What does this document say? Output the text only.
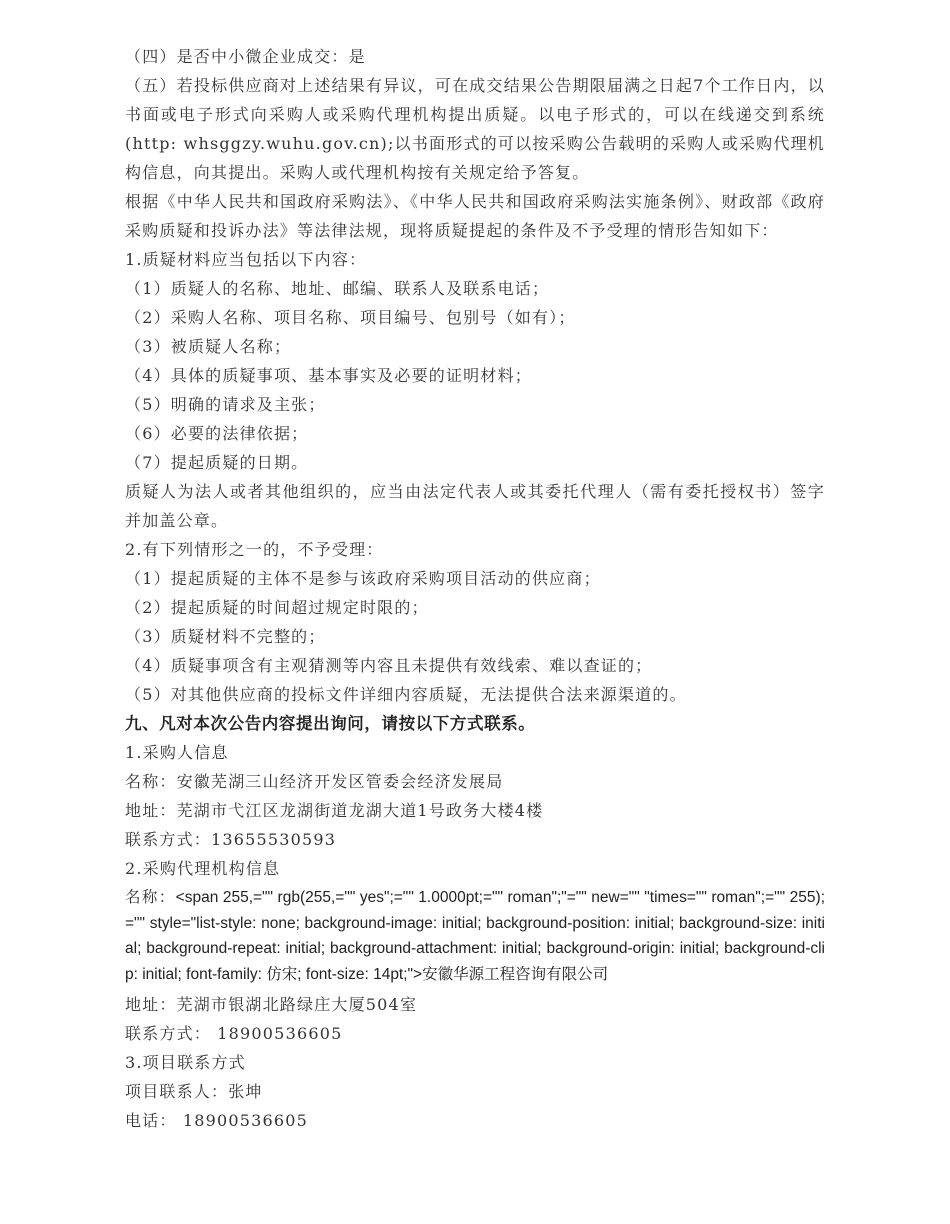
（四）是否中小微企业成交：是

（五）若投标供应商对上述结果有异议，可在成交结果公告期限届满之日起7个工作日内，以书面或电子形式向采购人或采购代理机构提出质疑。以电子形式的，可以在线递交到系统(http: whsggzy.wuhu.gov.cn);以书面形式的可以按采购公告载明的采购人或采购代理机构信息，向其提出。采购人或代理机构按有关规定给予答复。

根据《中华人民共和国政府采购法》、《中华人民共和国政府采购法实施条例》、财政部《政府采购质疑和投诉办法》等法律法规，现将质疑提起的条件及不予受理的情形告知如下：

1.质疑材料应当包括以下内容：

（1）质疑人的名称、地址、邮编、联系人及联系电话；

（2）采购人名称、项目名称、项目编号、包别号（如有）；

（3）被质疑人名称；

（4）具体的质疑事项、基本事实及必要的证明材料；

（5）明确的请求及主张；

（6）必要的法律依据；

（7）提起质疑的日期。

质疑人为法人或者其他组织的，应当由法定代表人或其委托代理人（需有委托授权书）签字并加盖公章。

2.有下列情形之一的，不予受理：

（1）提起质疑的主体不是参与该政府采购项目活动的供应商；

（2）提起质疑的时间超过规定时限的；

（3）质疑材料不完整的；

（4）质疑事项含有主观猜测等内容且未提供有效线索、难以查证的；

（5）对其他供应商的投标文件详细内容质疑，无法提供合法来源渠道的。

九、凡对本次公告内容提出询问，请按以下方式联系。

1.采购人信息

名称：安徽芜湖三山经济开发区管委会经济发展局

地址：芜湖市弋江区龙湖街道龙湖大道1号政务大楼4楼

联系方式：13655530593

2.采购代理机构信息

名称：<span 255,="" rgb(255,="" yes";="" 1.0000pt;="" roman";"="" new="" "times="" roman";="" 255);="" style="list-style: none; background-image: initial; background-position: initial; background-size: initial; background-repeat: initial; background-attachment: initial; background-origin: initial; background-clip: initial; font-family: 仿宋; font-size: 14pt;">安徽华源工程咨询有限公司

地址：芜湖市银湖北路绿庄大厦504室

联系方式： 18900536605

3.项目联系方式

项目联系人：张坤

电话： 18900536605
